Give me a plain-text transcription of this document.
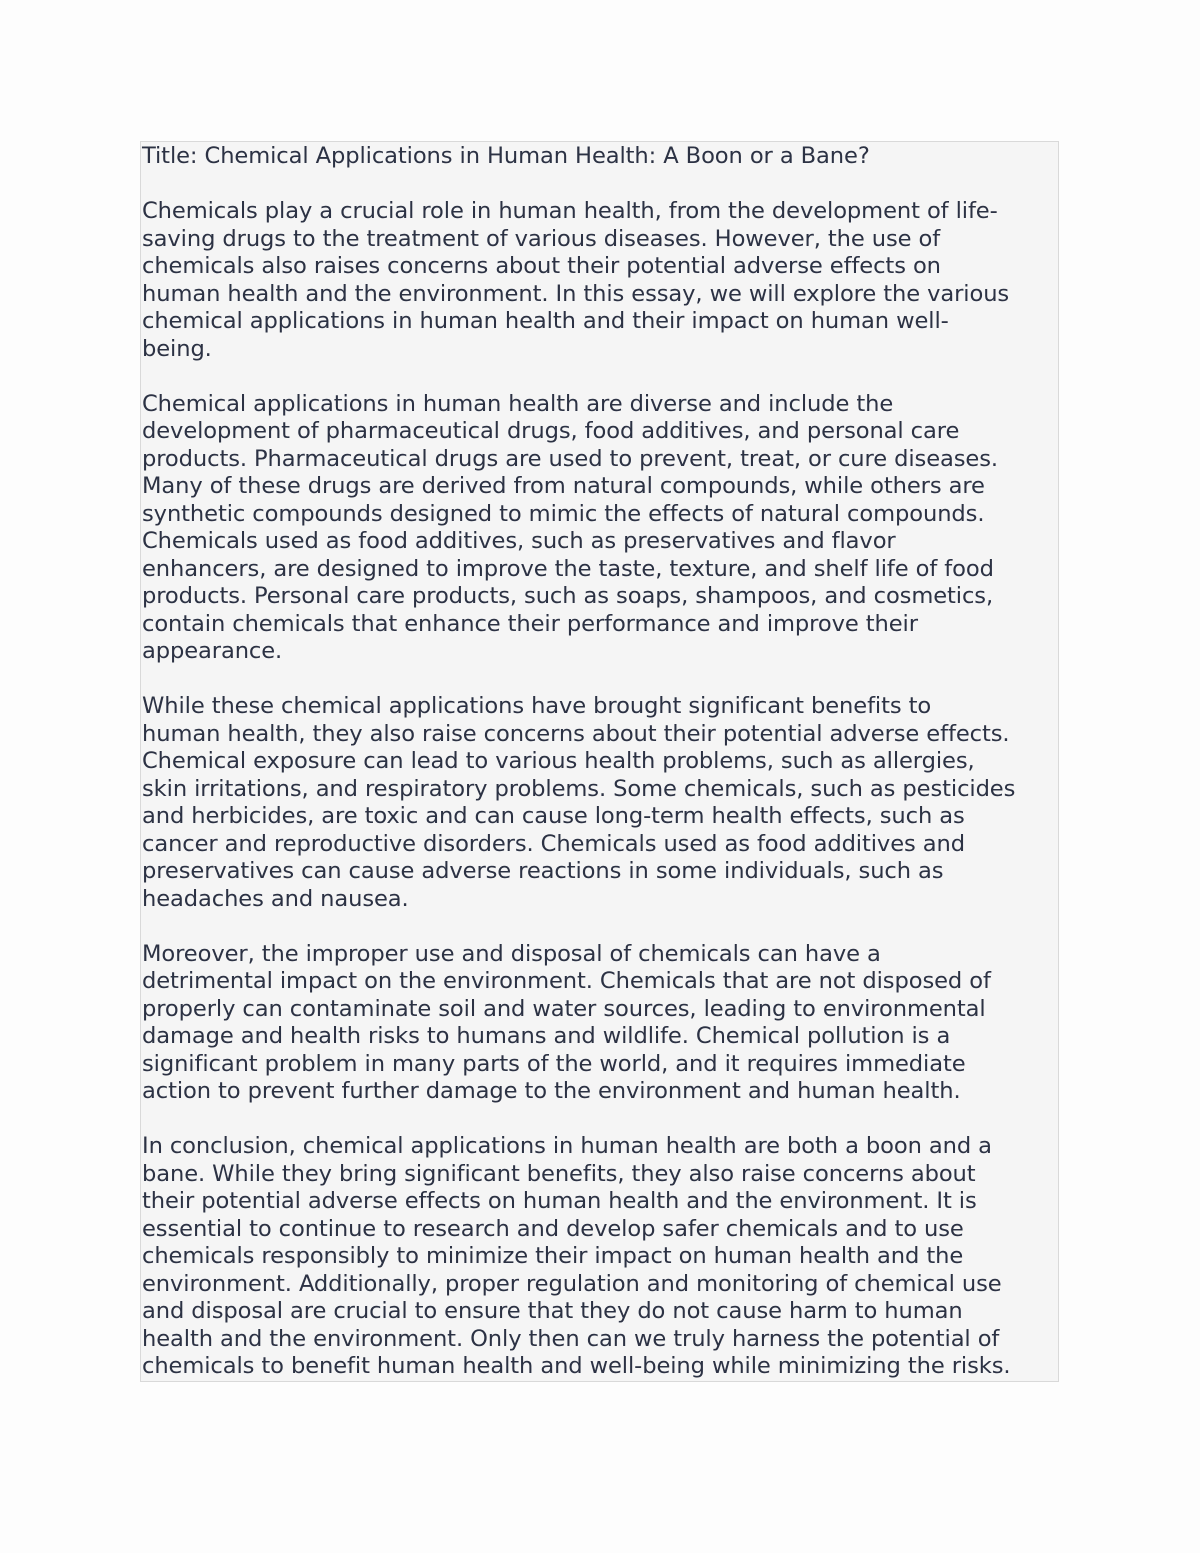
Title: Chemical Applications in Human Health: A Boon or a Bane?
Chemicals play a crucial role in human health, from the development of life-
saving drugs to the treatment of various diseases. However, the use of
chemicals also raises concerns about their potential adverse effects on
human health and the environment. In this essay, we will explore the various
chemical applications in human health and their impact on human well-
being.
Chemical applications in human health are diverse and include the
development of pharmaceutical drugs, food additives, and personal care
products. Pharmaceutical drugs are used to prevent, treat, or cure diseases.
Many of these drugs are derived from natural compounds, while others are
synthetic compounds designed to mimic the effects of natural compounds.
Chemicals used as food additives, such as preservatives and flavor
enhancers, are designed to improve the taste, texture, and shelf life of food
products. Personal care products, such as soaps, shampoos, and cosmetics,
contain chemicals that enhance their performance and improve their
appearance.
While these chemical applications have brought significant benefits to
human health, they also raise concerns about their potential adverse effects.
Chemical exposure can lead to various health problems, such as allergies,
skin irritations, and respiratory problems. Some chemicals, such as pesticides
and herbicides, are toxic and can cause long-term health effects, such as
cancer and reproductive disorders. Chemicals used as food additives and
preservatives can cause adverse reactions in some individuals, such as
headaches and nausea.
Moreover, the improper use and disposal of chemicals can have a
detrimental impact on the environment. Chemicals that are not disposed of
properly can contaminate soil and water sources, leading to environmental
damage and health risks to humans and wildlife. Chemical pollution is a
significant problem in many parts of the world, and it requires immediate
action to prevent further damage to the environment and human health.
In conclusion, chemical applications in human health are both a boon and a
bane. While they bring significant benefits, they also raise concerns about
their potential adverse effects on human health and the environment. It is
essential to continue to research and develop safer chemicals and to use
chemicals responsibly to minimize their impact on human health and the
environment. Additionally, proper regulation and monitoring of chemical use
and disposal are crucial to ensure that they do not cause harm to human
health and the environment. Only then can we truly harness the potential of
chemicals to benefit human health and well-being while minimizing the risks.
